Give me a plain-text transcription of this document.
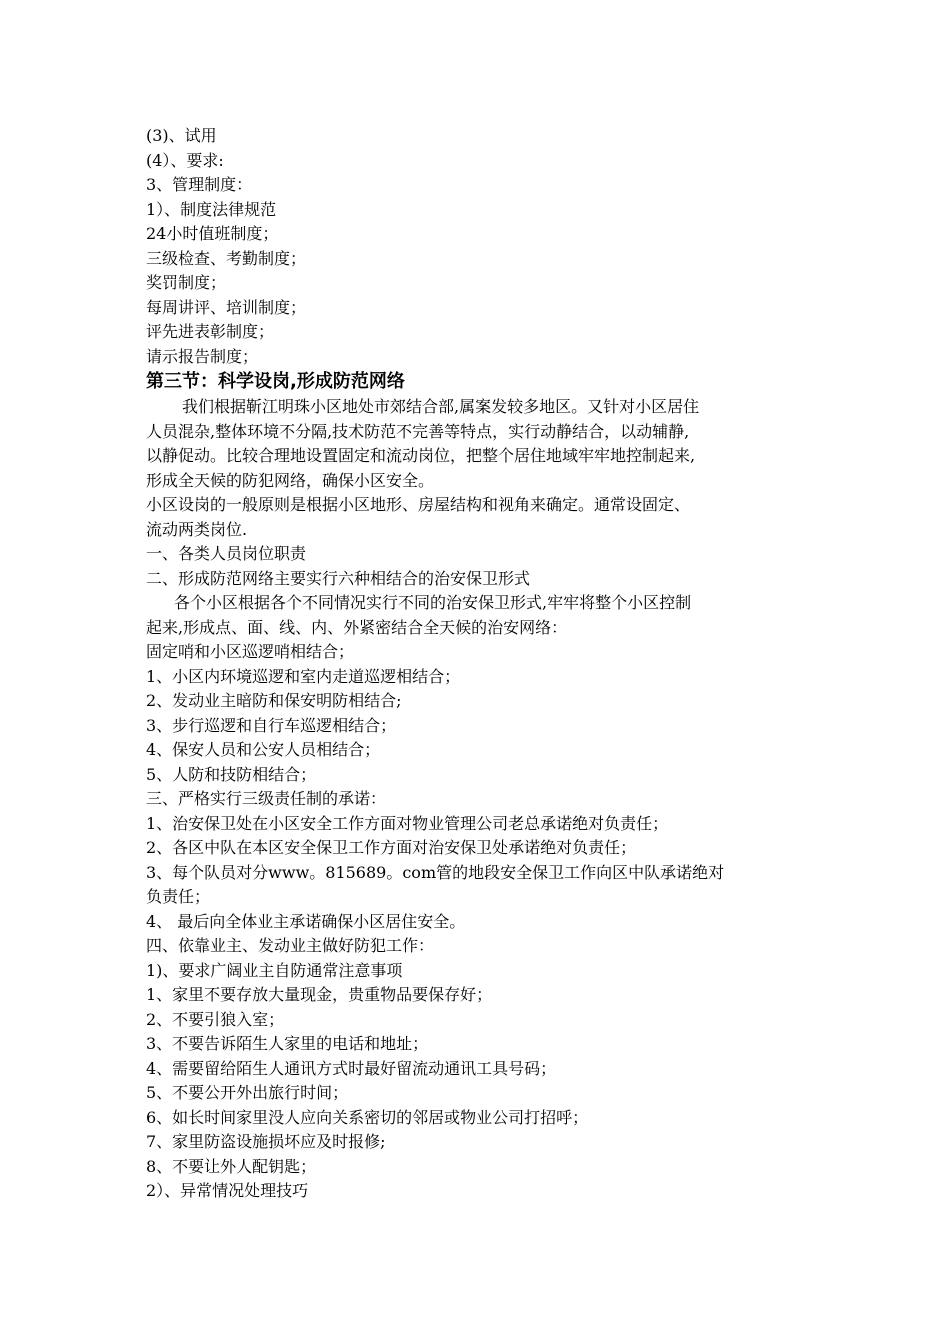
(3)、试用
(4）、要求:
3、管理制度：
1）、制度法律规范
24小时值班制度；
三级检查、考勤制度；
奖罚制度；
每周讲评、培训制度；
评先进表彰制度；
请示报告制度；
第三节：科学设岗,形成防范网络
我们根据靳江明珠小区地处市郊结合部,属案发较多地区。又针对小区居住
人员混杂,整体环境不分隔,技术防范不完善等特点，实行动静结合，以动辅静,
以静促动。比较合理地设置固定和流动岗位，把整个居住地域牢牢地控制起来,
形成全天候的防犯网络，确保小区安全。
小区设岗的一般原则是根据小区地形、房屋结构和视角来确定。通常设固定、
流动两类岗位.
一、各类人员岗位职责
二、形成防范网络主要实行六种相结合的治安保卫形式
各个小区根据各个不同情况实行不同的治安保卫形式,牢牢将整个小区控制
起来,形成点、面、线、内、外紧密结合全天候的治安网络：
固定哨和小区巡逻哨相结合；
1、小区内环境巡逻和室内走道巡逻相结合；
2、发动业主暗防和保安明防相结合;
3、步行巡逻和自行车巡逻相结合；
4、保安人员和公安人员相结合；
5、人防和技防相结合；
三、严格实行三级责任制的承诺：
1、治安保卫处在小区安全工作方面对物业管理公司老总承诺绝对负责任；
2、各区中队在本区安全保卫工作方面对治安保卫处承诺绝对负责任；
3、每个队员对分www。815689。com管的地段安全保卫工作向区中队承诺绝对
负责任；
4、 最后向全体业主承诺确保小区居住安全。
四、依靠业主、发动业主做好防犯工作：
1)、要求广阔业主自防通常注意事项
1、家里不要存放大量现金，贵重物品要保存好；
2、不要引狼入室；
3、不要告诉陌生人家里的电话和地址；
4、需要留给陌生人通讯方式时最好留流动通讯工具号码；
5、不要公开外出旅行时间；
6、如长时间家里没人应向关系密切的邻居或物业公司打招呼；
7、家里防盗设施损坏应及时报修;
8、不要让外人配钥匙；
2）、异常情况处理技巧
